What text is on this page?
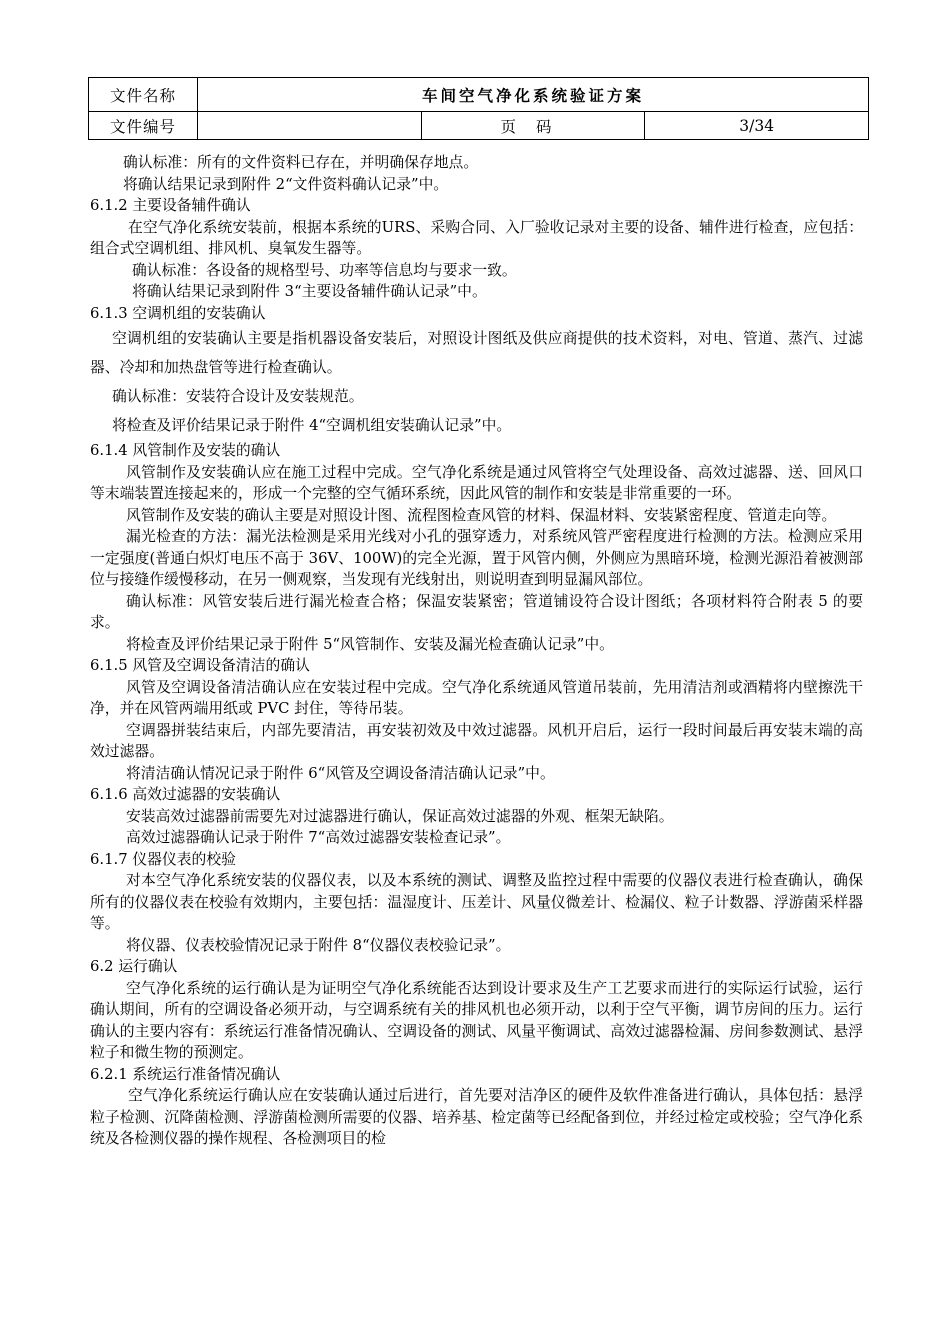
文件名称	车间空气净化系统验证方案		
文件编号		页码	3/34
确认标准：所有的文件资料已存在，并明确保存地点。
将确认结果记录到附件 2“文件资料确认记录”中。
6.1.2 主要设备辅件确认
在空气净化系统安装前，根据本系统的URS、采购合同、入厂验收记录对主要的设备、辅件进行检查，应包括：组合式空调机组、排风机、臭氧发生器等。
确认标准：各设备的规格型号、功率等信息均与要求一致。
将确认结果记录到附件 3“主要设备辅件确认记录”中。
6.1.3 空调机组的安装确认
空调机组的安装确认主要是指机器设备安装后，对照设计图纸及供应商提供的技术资料，对电、管道、蒸汽、过滤器、冷却和加热盘管等进行检查确认。
确认标准：安装符合设计及安装规范。
将检查及评价结果记录于附件 4“空调机组安装确认记录”中。
6.1.4 风管制作及安装的确认
风管制作及安装确认应在施工过程中完成。空气净化系统是通过风管将空气处理设备、高效过滤器、送、回风口等末端装置连接起来的，形成一个完整的空气循环系统，因此风管的制作和安装是非常重要的一环。
风管制作及安装的确认主要是对照设计图、流程图检查风管的材料、保温材料、安装紧密程度、管道走向等。
漏光检查的方法：漏光法检测是采用光线对小孔的强穿透力，对系统风管严密程度进行检测的方法。检测应采用一定强度(普通白炽灯电压不高于 36V、100W)的完全光源，置于风管内侧，外侧应为黑暗环境，检测光源沿着被测部位与接缝作缓慢移动，在另一侧观察，当发现有光线射出，则说明查到明显漏风部位。
确认标准：风管安装后进行漏光检查合格；保温安装紧密；管道铺设符合设计图纸；各项材料符合附表 5 的要求。
将检查及评价结果记录于附件 5“风管制作、安装及漏光检查确认记录”中。
6.1.5 风管及空调设备清洁的确认
风管及空调设备清洁确认应在安装过程中完成。空气净化系统通风管道吊装前，先用清洁剂或酒精将内壁擦洗干净，并在风管两端用纸或 PVC 封住，等待吊装。
空调器拼装结束后，内部先要清洁，再安装初效及中效过滤器。风机开启后，运行一段时间最后再安装末端的高效过滤器。
将清洁确认情况记录于附件 6“风管及空调设备清洁确认记录”中。
6.1.6 高效过滤器的安装确认
安装高效过滤器前需要先对过滤器进行确认，保证高效过滤器的外观、框架无缺陷。
高效过滤器确认记录于附件 7“高效过滤器安装检查记录”。
6.1.7 仪器仪表的校验
对本空气净化系统安装的仪器仪表，以及本系统的测试、调整及监控过程中需要的仪器仪表进行检查确认，确保所有的仪器仪表在校验有效期内，主要包括：温湿度计、压差计、风量仪微差计、检漏仪、粒子计数器、浮游菌采样器等。
将仪器、仪表校验情况记录于附件 8“仪器仪表校验记录”。
6.2 运行确认
空气净化系统的运行确认是为证明空气净化系统能否达到设计要求及生产工艺要求而进行的实际运行试验，运行确认期间，所有的空调设备必须开动，与空调系统有关的排风机也必须开动，以利于空气平衡，调节房间的压力。运行确认的主要内容有：系统运行准备情况确认、空调设备的测试、风量平衡调试、高效过滤器检漏、房间参数测试、悬浮粒子和微生物的预测定。
6.2.1 系统运行准备情况确认
空气净化系统运行确认应在安装确认通过后进行，首先要对洁净区的硬件及软件准备进行确认，具体包括：悬浮粒子检测、沉降菌检测、浮游菌检测所需要的仪器、培养基、检定菌等已经配备到位，并经过检定或校验；空气净化系统及各检测仪器的操作规程、各检测项目的检
